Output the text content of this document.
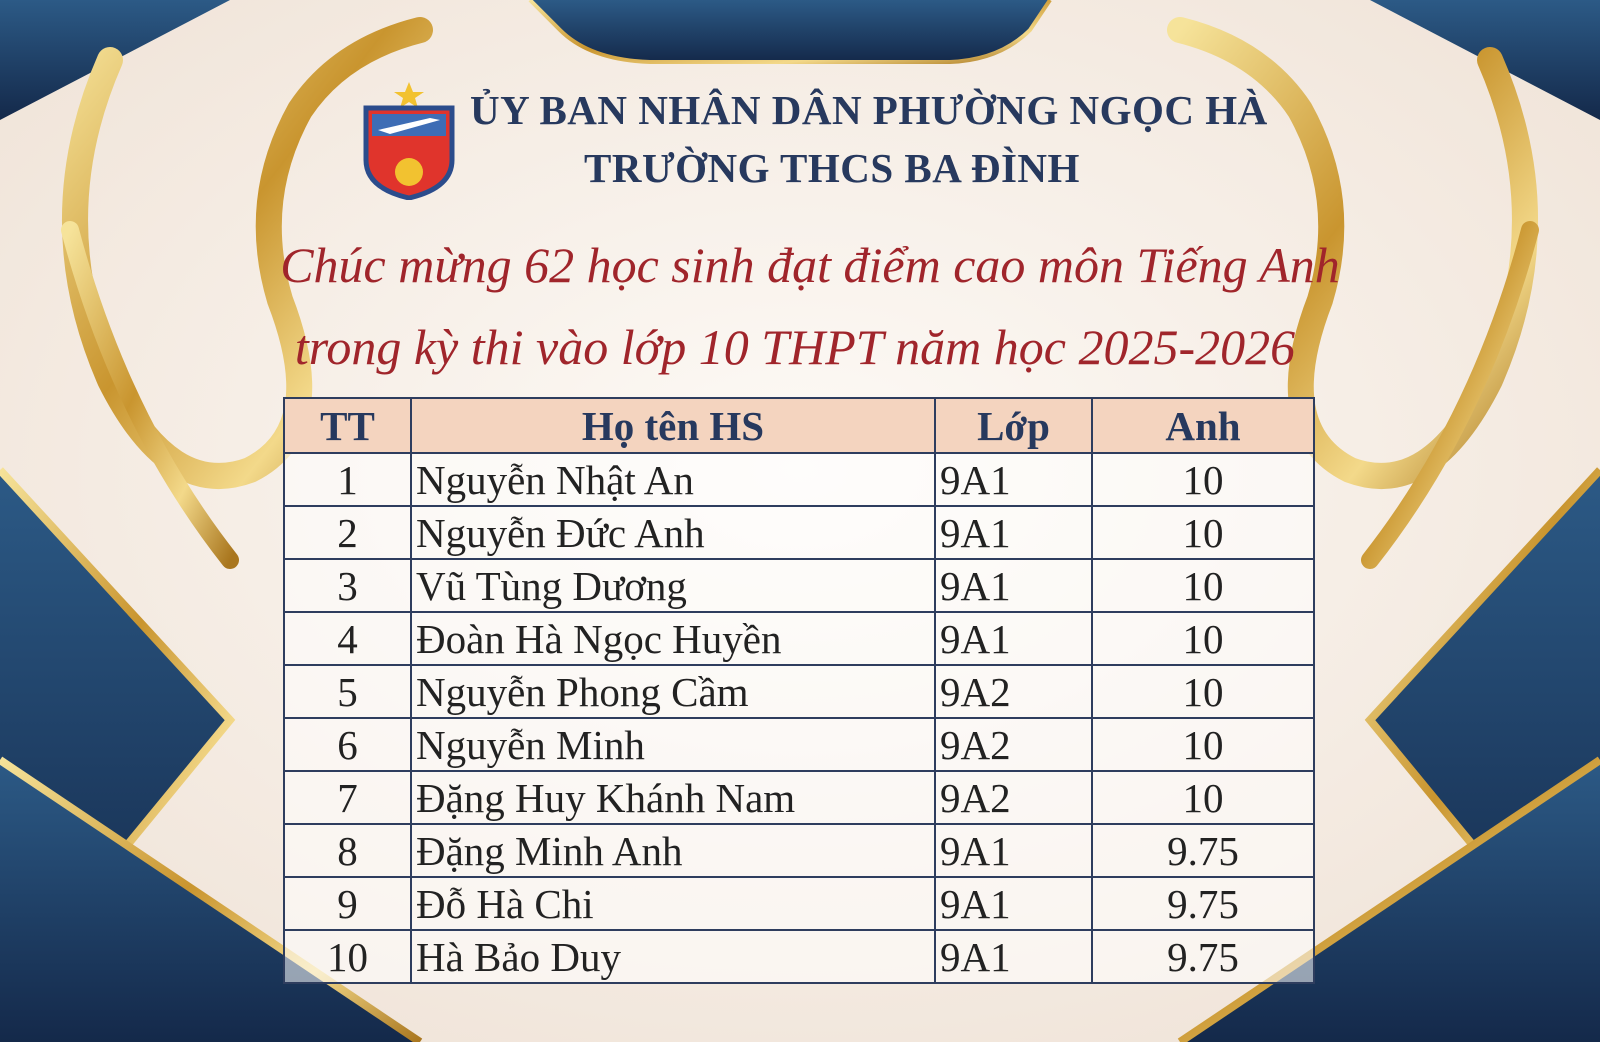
ỦY BAN NHÂN DÂN PHƯỜNG NGỌC HÀ
TRƯỜNG THCS BA ĐÌNH
Chúc mừng 62 học sinh đạt điểm cao môn Tiếng Anh
trong kỳ thi vào lớp 10 THPT năm học 2025-2026
TT	Họ tên HS	Lớp	Anh
1	Nguyễn Nhật An	9A1	10
2	Nguyễn Đức Anh	9A1	10
3	Vũ Tùng Dương	9A1	10
4	Đoàn Hà Ngọc Huyền	9A1	10
5	Nguyễn Phong Cầm	9A2	10
6	Nguyễn Minh	9A2	10
7	Đặng Huy Khánh Nam	9A2	10
8	Đặng Minh Anh	9A1	9.75
9	Đỗ Hà Chi	9A1	9.75
10	Hà Bảo Duy	9A1	9.75
